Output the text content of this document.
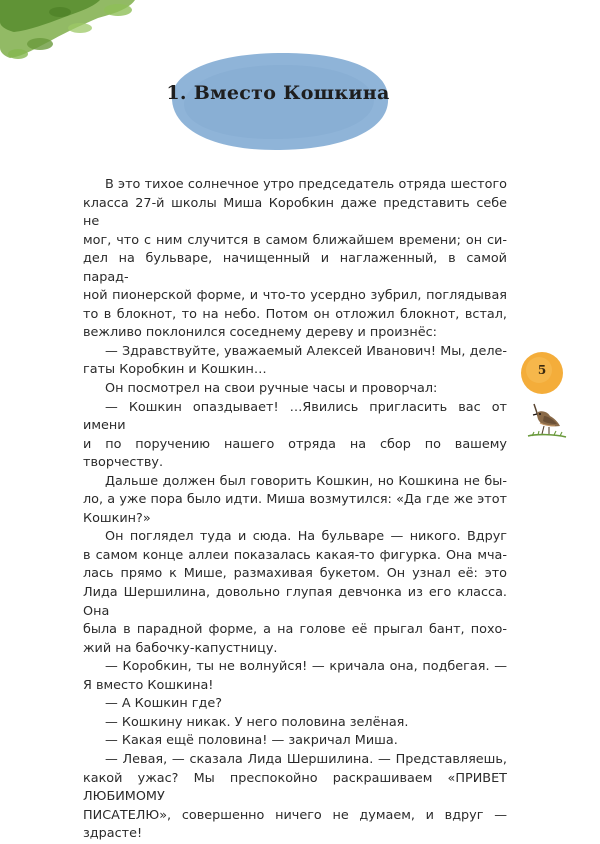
1. Вместо Кошкина

В это тихое солнечное утро председатель отряда шестого

класса 27-й школы Миша Коробкин даже представить себе не

мог, что с ним случится в самом ближайшем времени; он си-

дел на бульваре, начищенный и наглаженный, в самой парад-

ной пионерской форме, и что-то усердно зубрил, поглядывая

то в блокнот, то на небо. Потом он отложил блокнот, встал,

вежливо поклонился соседнему дереву и произнёс:

— Здравствуйте, уважаемый Алексей Иванович! Мы, деле-

гаты Коробкин и Кошкин…

Он посмотрел на свои ручные часы и проворчал:

— Кошкин опаздывает! …Явились пригласить вас от имени

и по поручению нашего отряда на сбор по вашему творчеству.

Дальше должен был говорить Кошкин, но Кошкина не бы-

ло, а уже пора было идти. Миша возмутился: «Да где же этот

Кошкин?»

Он поглядел туда и сюда. На бульваре — никого. Вдруг

в самом конце аллеи показалась какая-то фигурка. Она мча-

лась прямо к Мише, размахивая букетом. Он узнал её: это

Лида Шершилина, довольно глупая девчонка из его класса. Она

была в парадной форме, а на голове её прыгал бант, похо-

жий на бабочку-капустницу.

— Коробкин, ты не волнуйся! — кричала она, подбегая. —

Я вместо Кошкина!

— А Кошкин где?

— Кошкину никак. У него половина зелёная.

— Какая ещё половина! — закричал Миша.

— Левая, — сказала Лида Шершилина. — Представляешь,

какой ужас? Мы преспокойно раскрашиваем «ПРИВЕТ ЛЮБИМОМУ

ПИСАТЕЛЮ», совершенно ничего не думаем, и вдруг — здрасте!

5
